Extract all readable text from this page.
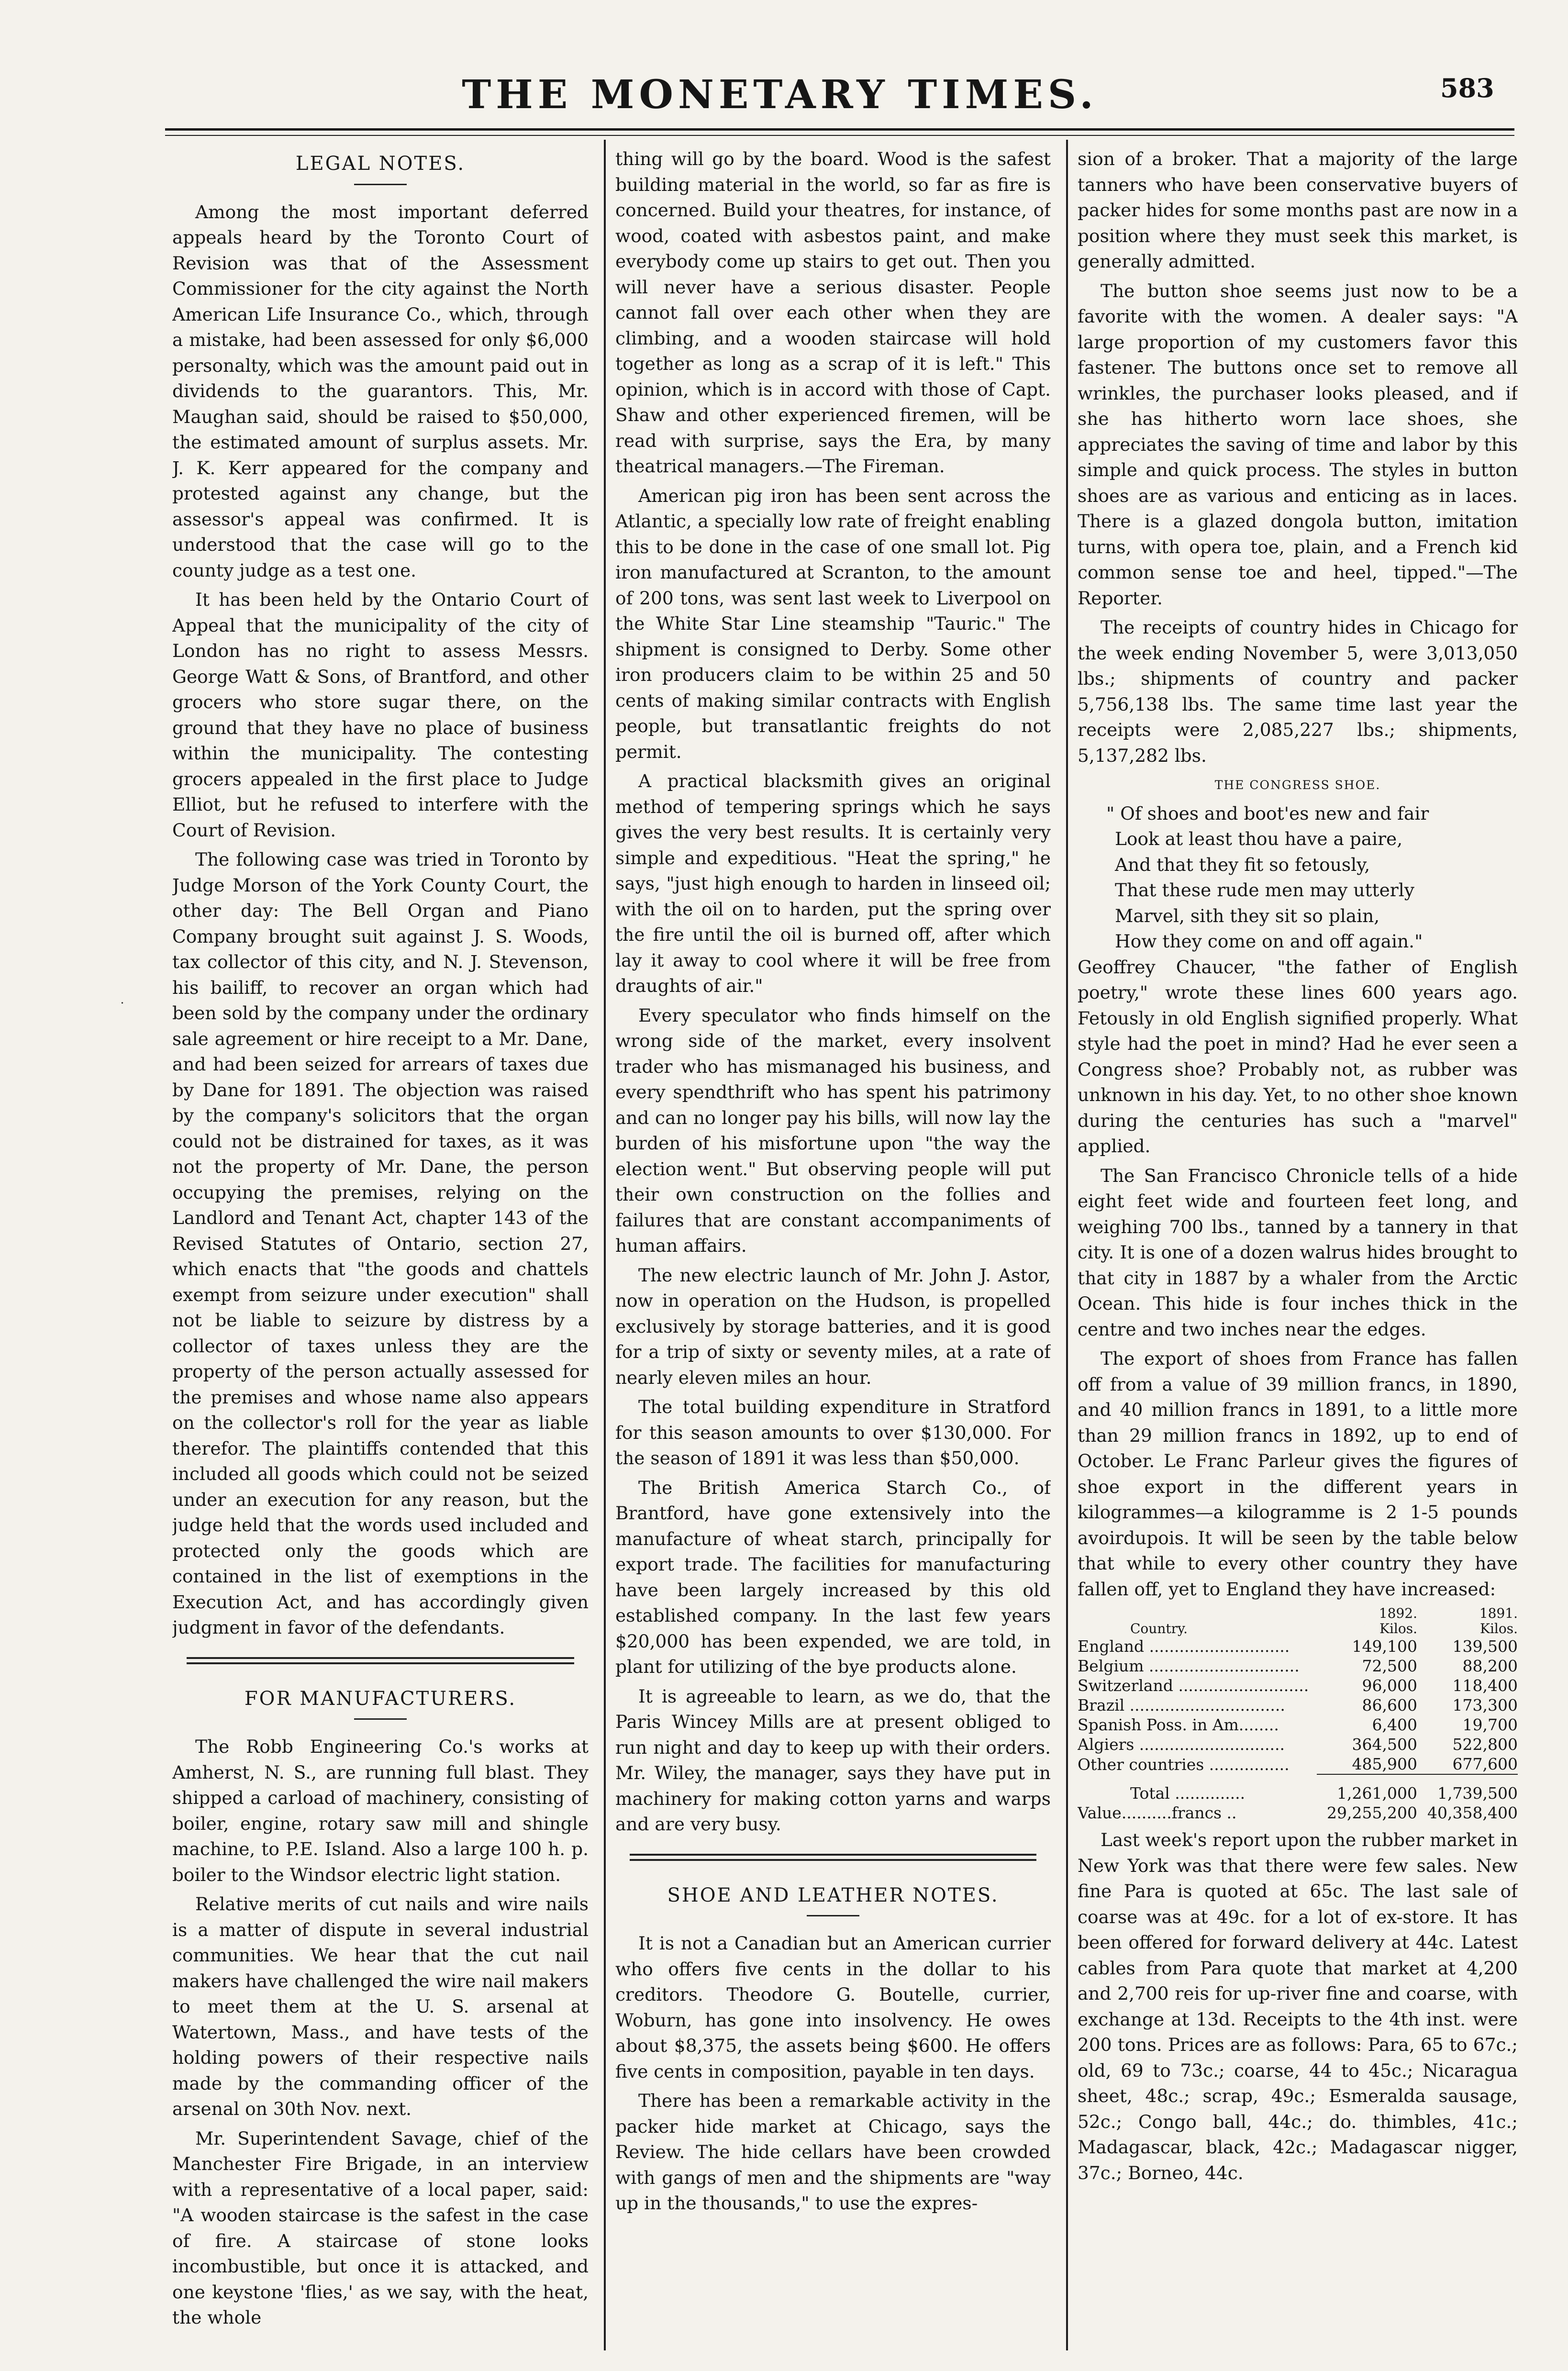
THE MONETARY TIMES.	583
˙
LEGAL NOTES.

Among the most important deferred appeals heard by the Toronto Court of Revision was that of the Assessment Commissioner for the city against the North American Life Insurance Co., which, through a mistake, had been assessed for only $6,000 personalty, which was the amount paid out in dividends to the guarantors. This, Mr. Maughan said, should be raised to $50,000, the estimated amount of surplus assets. Mr. J. K. Kerr appeared for the company and protested against any change, but the assessor's appeal was confirmed. It is understood that the case will go to the county judge as a test one.

It has been held by the Ontario Court of Appeal that the municipality of the city of London has no right to assess Messrs. George Watt & Sons, of Brantford, and other grocers who store sugar there, on the ground that they have no place of business within the municipality. The contesting grocers appealed in the first place to Judge Elliot, but he refused to interfere with the Court of Revision.

The following case was tried in Toronto by Judge Morson of the York County Court, the other day: The Bell Organ and Piano Company brought suit against J. S. Woods, tax collector of this city, and N. J. Stevenson, his bailiff, to recover an organ which had been sold by the company under the ordinary sale agreement or hire receipt to a Mr. Dane, and had been seized for arrears of taxes due by Dane for 1891. The objection was raised by the company's solicitors that the organ could not be distrained for taxes, as it was not the property of Mr. Dane, the person occupying the premises, relying on the Landlord and Tenant Act, chapter 143 of the Revised Statutes of Ontario, section 27, which enacts that "the goods and chattels exempt from seizure under execution" shall not be liable to seizure by distress by a collector of taxes unless they are the property of the person actually assessed for the premises and whose name also appears on the collector's roll for the year as liable therefor. The plaintiffs contended that this included all goods which could not be seized under an execution for any reason, but the judge held that the words used included and protected only the goods which are contained in the list of exemptions in the Execution Act, and has accordingly given judgment in favor of the defendants.

FOR MANUFACTURERS.

The Robb Engineering Co.'s works at Amherst, N. S., are running full blast. They shipped a carload of machinery, consisting of boiler, engine, rotary saw mill and shingle machine, to P.E. Island. Also a large 100 h. p. boiler to the Windsor electric light station.

Relative merits of cut nails and wire nails is a matter of dispute in several industrial communities. We hear that the cut nail makers have challenged the wire nail makers to meet them at the U. S. arsenal at Watertown, Mass., and have tests of the holding powers of their respective nails made by the commanding officer of the arsenal on 30th Nov. next.

Mr. Superintendent Savage, chief of the Manchester Fire Brigade, in an interview with a representative of a local paper, said: "A wooden staircase is the safest in the case of fire. A staircase of stone looks incombustible, but once it is attacked, and one keystone 'flies,' as we say, with the heat, the whole

thing will go by the board. Wood is the safest building material in the world, so far as fire is concerned. Build your theatres, for instance, of wood, coated with asbestos paint, and make everybody come up stairs to get out. Then you will never have a serious disaster. People cannot fall over each other when they are climbing, and a wooden staircase will hold together as long as a scrap of it is left." This opinion, which is in accord with those of Capt. Shaw and other experienced firemen, will be read with surprise, says the Era, by many theatrical managers.—The Fireman.

American pig iron has been sent across the Atlantic, a specially low rate of freight enabling this to be done in the case of one small lot. Pig iron manufactured at Scranton, to the amount of 200 tons, was sent last week to Liverpool on the White Star Line steamship "Tauric." The shipment is consigned to Derby. Some other iron producers claim to be within 25 and 50 cents of making similar contracts with English people, but transatlantic freights do not permit.

A practical blacksmith gives an original method of tempering springs which he says gives the very best results. It is certainly very simple and expeditious. "Heat the spring," he says, "just high enough to harden in linseed oil; with the oil on to harden, put the spring over the fire until the oil is burned off, after which lay it away to cool where it will be free from draughts of air."

Every speculator who finds himself on the wrong side of the market, every insolvent trader who has mismanaged his business, and every spendthrift who has spent his patrimony and can no longer pay his bills, will now lay the burden of his misfortune upon "the way the election went." But observing people will put their own construction on the follies and failures that are constant accompaniments of human affairs.

The new electric launch of Mr. John J. Astor, now in operation on the Hudson, is propelled exclusively by storage batteries, and it is good for a trip of sixty or seventy miles, at a rate of nearly eleven miles an hour.

The total building expenditure in Stratford for this season amounts to over $130,000. For the season of 1891 it was less than $50,000.

The British America Starch Co., of Brantford, have gone extensively into the manufacture of wheat starch, principally for export trade. The facilities for manufacturing have been largely increased by this old established company. In the last few years $20,000 has been expended, we are told, in plant for utilizing of the bye products alone.

It is agreeable to learn, as we do, that the Paris Wincey Mills are at present obliged to run night and day to keep up with their orders. Mr. Wiley, the manager, says they have put in machinery for making cotton yarns and warps and are very busy.

SHOE AND LEATHER NOTES.

It is not a Canadian but an American currier who offers five cents in the dollar to his creditors. Theodore G. Boutelle, currier, Woburn, has gone into insolvency. He owes about $8,375, the assets being $600. He offers five cents in composition, payable in ten days.

There has been a remarkable activity in the packer hide market at Chicago, says the Review. The hide cellars have been crowded with gangs of men and the shipments are "way up in the thousands," to use the expres-

sion of a broker. That a majority of the large tanners who have been conservative buyers of packer hides for some months past are now in a position where they must seek this market, is generally admitted.

The button shoe seems just now to be a favorite with the women. A dealer says: "A large proportion of my customers favor this fastener. The buttons once set to remove all wrinkles, the purchaser looks pleased, and if she has hitherto worn lace shoes, she appreciates the saving of time and labor by this simple and quick process. The styles in button shoes are as various and enticing as in laces. There is a glazed dongola button, imitation turns, with opera toe, plain, and a French kid common sense toe and heel, tipped."—The Reporter.

The receipts of country hides in Chicago for the week ending November 5, were 3,013,050 lbs.; shipments of country and packer 5,756,138 lbs. The same time last year the receipts were 2,085,227 lbs.; shipments, 5,137,282 lbs.

THE CONGRESS SHOE.
" Of shoes and boot'es new and fair
Look at least thou have a paire,
And that they fit so fetously,
That these rude men may utterly
Marvel, sith they sit so plain,
How they come on and off again."

Geoffrey Chaucer, "the father of English poetry," wrote these lines 600 years ago. Fetously in old English signified properly. What style had the poet in mind? Had he ever seen a Congress shoe? Probably not, as rubber was unknown in his day. Yet, to no other shoe known during the centuries has such a "marvel" applied.

The San Francisco Chronicle tells of a hide eight feet wide and fourteen feet long, and weighing 700 lbs., tanned by a tannery in that city. It is one of a dozen walrus hides brought to that city in 1887 by a whaler from the Arctic Ocean. This hide is four inches thick in the centre and two inches near the edges.

The export of shoes from France has fallen off from a value of 39 million francs, in 1890, and 40 million francs in 1891, to a little more than 29 million francs in 1892, up to end of October. Le Franc Parleur gives the figures of shoe export in the different years in kilogrammes—a kilogramme is 2 1-5 pounds avoirdupois. It will be seen by the table below that while to every other country they have fallen off, yet to England they have increased:

	1892.	1891.
Country.	Kilos.	Kilos.
England ............................	149,100	139,500
Belgium ..............................	72,500	88,200
Switzerland ..........................	96,000	118,400
Brazil ...............................	86,600	173,300
Spanish Poss. in Am........	6,400	19,700
Algiers .............................	364,500	522,800
Other countries ................	485,900	677,600
Total ..............	1,261,000	1,739,500
Value..........francs ..	29,255,200	40,358,400

Last week's report upon the rubber market in New York was that there were few sales. New fine Para is quoted at 65c. The last sale of coarse was at 49c. for a lot of ex-store. It has been offered for forward delivery at 44c. Latest cables from Para quote that market at 4,200 and 2,700 reis for up-river fine and coarse, with exchange at 13d. Receipts to the 4th inst. were 200 tons. Prices are as follows: Para, 65 to 67c.; old, 69 to 73c.; coarse, 44 to 45c.; Nicaragua sheet, 48c.; scrap, 49c.; Esmeralda sausage, 52c.; Congo ball, 44c.; do. thimbles, 41c.; Madagascar, black, 42c.; Madagascar nigger, 37c.; Borneo, 44c.
